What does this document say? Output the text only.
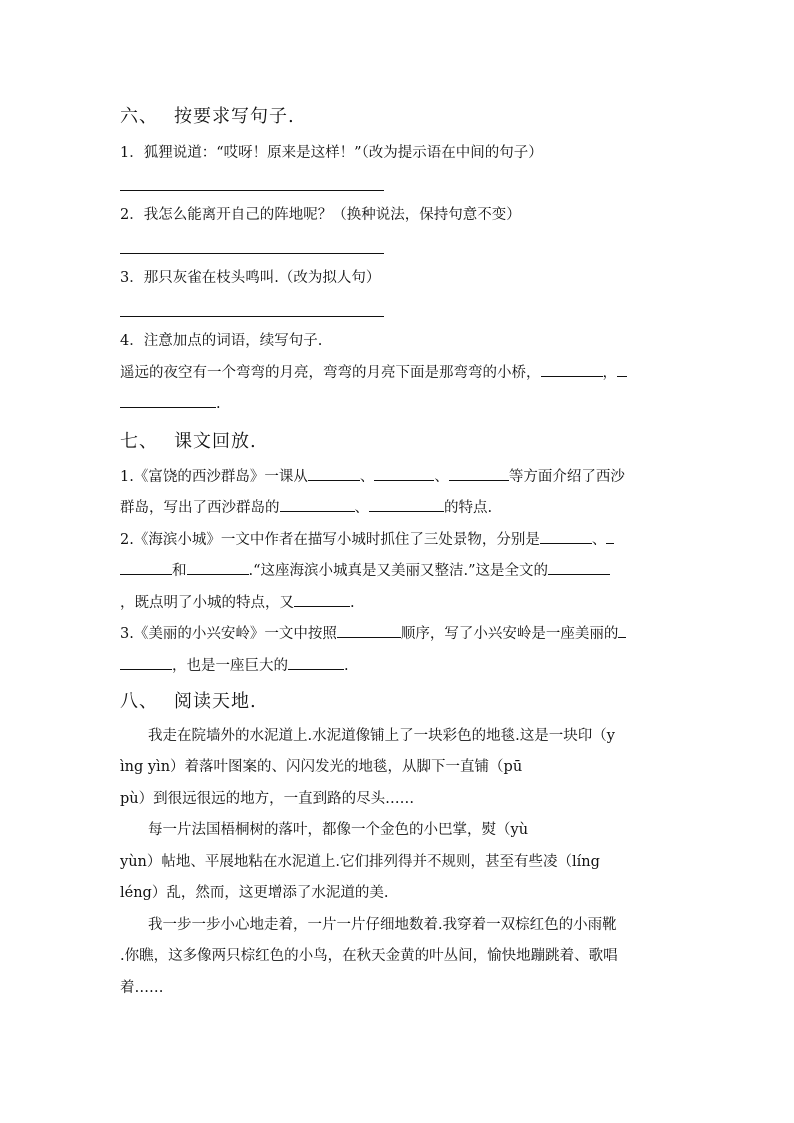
六、 按要求写句子.
1．狐狸说道：“哎呀！原来是这样！”（改为提示语在中间的句子）
2．我怎么能离开自己的阵地呢？（换种说法，保持句意不变）
3．那只灰雀在枝头鸣叫.（改为拟人句）
4．注意加点的词语，续写句子.
遥远的夜空有一个弯弯的月亮，弯弯的月亮下面是那弯弯的小桥，	，
.
七、 课文回放.
1.《富饶的西沙群岛》一课从	、	、	等方面介绍了西沙
群岛，写出了西沙群岛的	、	的特点.
2.《海滨小城》一文中作者在描写小城时抓住了三处景物，分别是	、
和	.“这座海滨小城真是又美丽又整洁.”这是全文的
，既点明了小城的特点，又	.
3.《美丽的小兴安岭》一文中按照	顺序，写了小兴安岭是一座美丽的
，也是一座巨大的	.
八、 阅读天地.
我走在院墙外的水泥道上.水泥道像铺上了一块彩色的地毯.这是一块印（y
ìng yìn）着落叶图案的、闪闪发光的地毯，从脚下一直铺（pū
pù）到很远很远的地方，一直到路的尽头……
每一片法国梧桐树的落叶，都像一个金色的小巴掌，熨（yù
yùn）帖地、平展地粘在水泥道上.它们排列得并不规则，甚至有些凌（líng
léng）乱，然而，这更增添了水泥道的美.
我一步一步小心地走着，一片一片仔细地数着.我穿着一双棕红色的小雨靴
.你瞧，这多像两只棕红色的小鸟，在秋天金黄的叶丛间，愉快地蹦跳着、歌唱
着……
